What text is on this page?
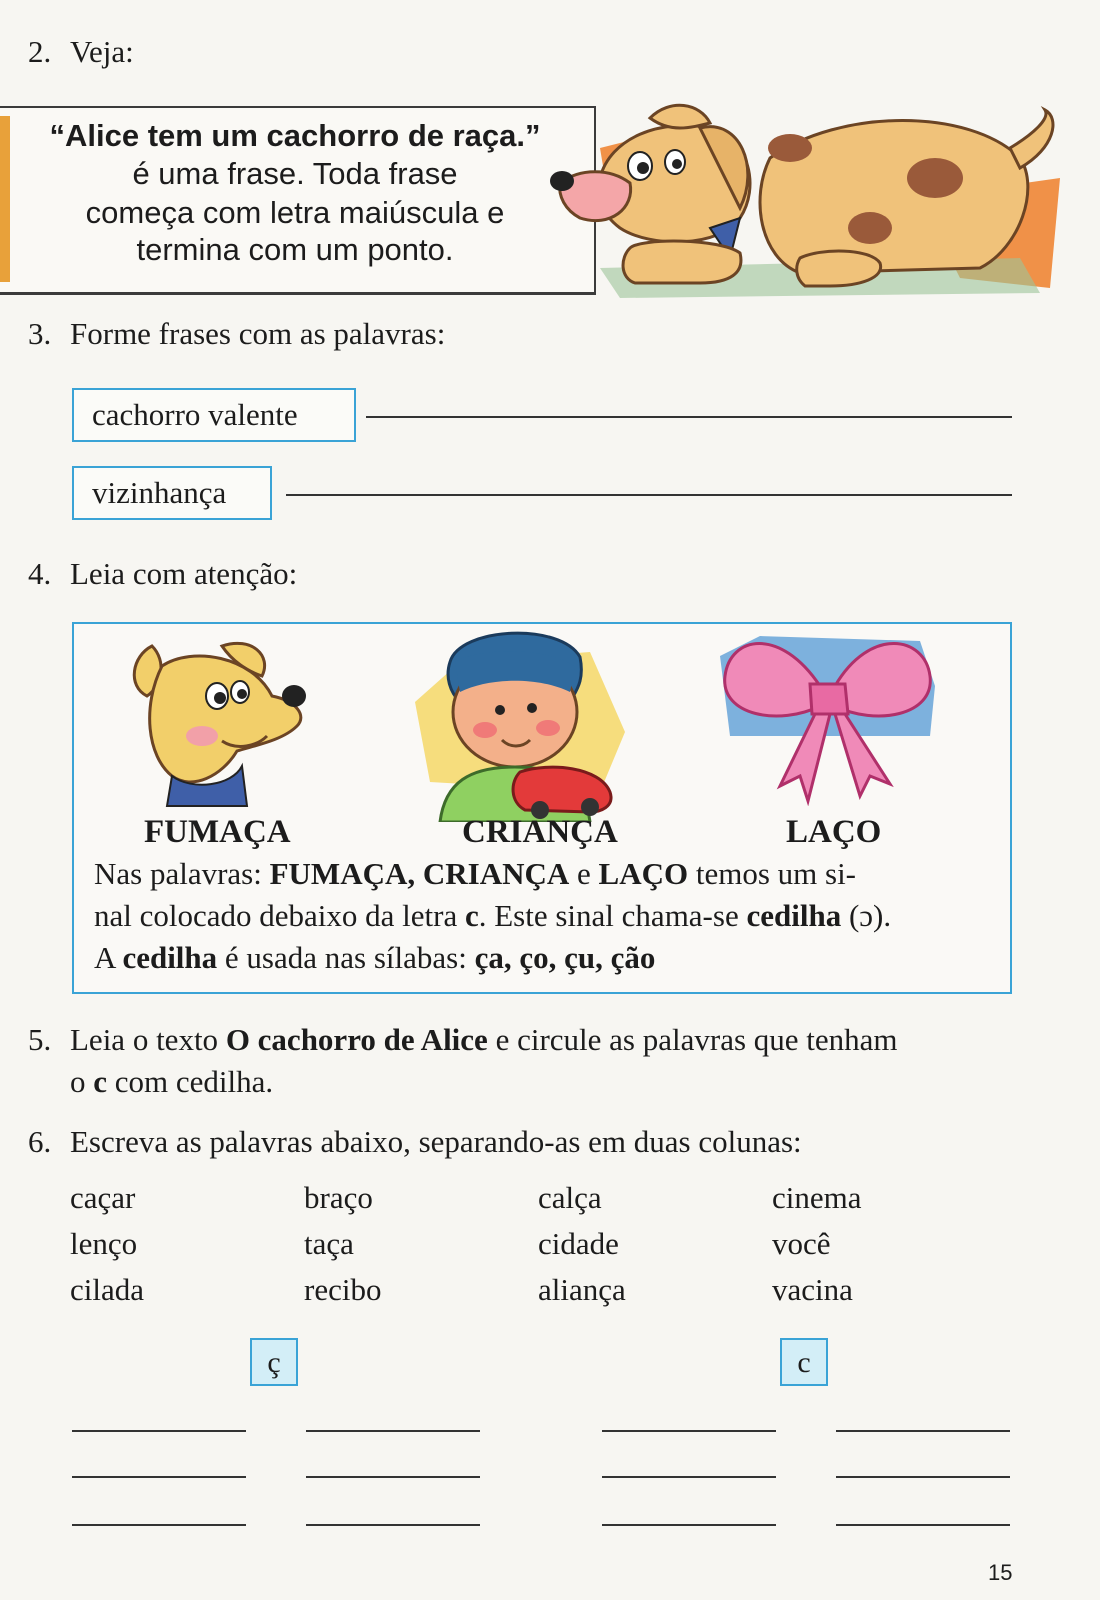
2. Veja:
“Alice tem um cachorro de raça.”
é uma frase. Toda frase
começa com letra maiúscula e
termina com um ponto.
3. Forme frases com as palavras:
cachorro valente
vizinhança
4. Leia com atenção:
FUMAÇA	CRIANÇA	LAÇO
Nas palavras: FUMAÇA, CRIANÇA e LAÇO temos um si-
nal colocado debaixo da letra c. Este sinal chama-se cedilha (ɔ).
A cedilha é usada nas sílabas: ça, ço, çu, ção
5. Leia o texto O cachorro de Alice e circule as palavras que tenham
o c com cedilha.
6. Escreva as palavras abaixo, separando-as em duas colunas:
caçar	braço	calça	cinema
lenço	taça	cidade	você
cilada	recibo	aliança	vacina
ç	c
15
